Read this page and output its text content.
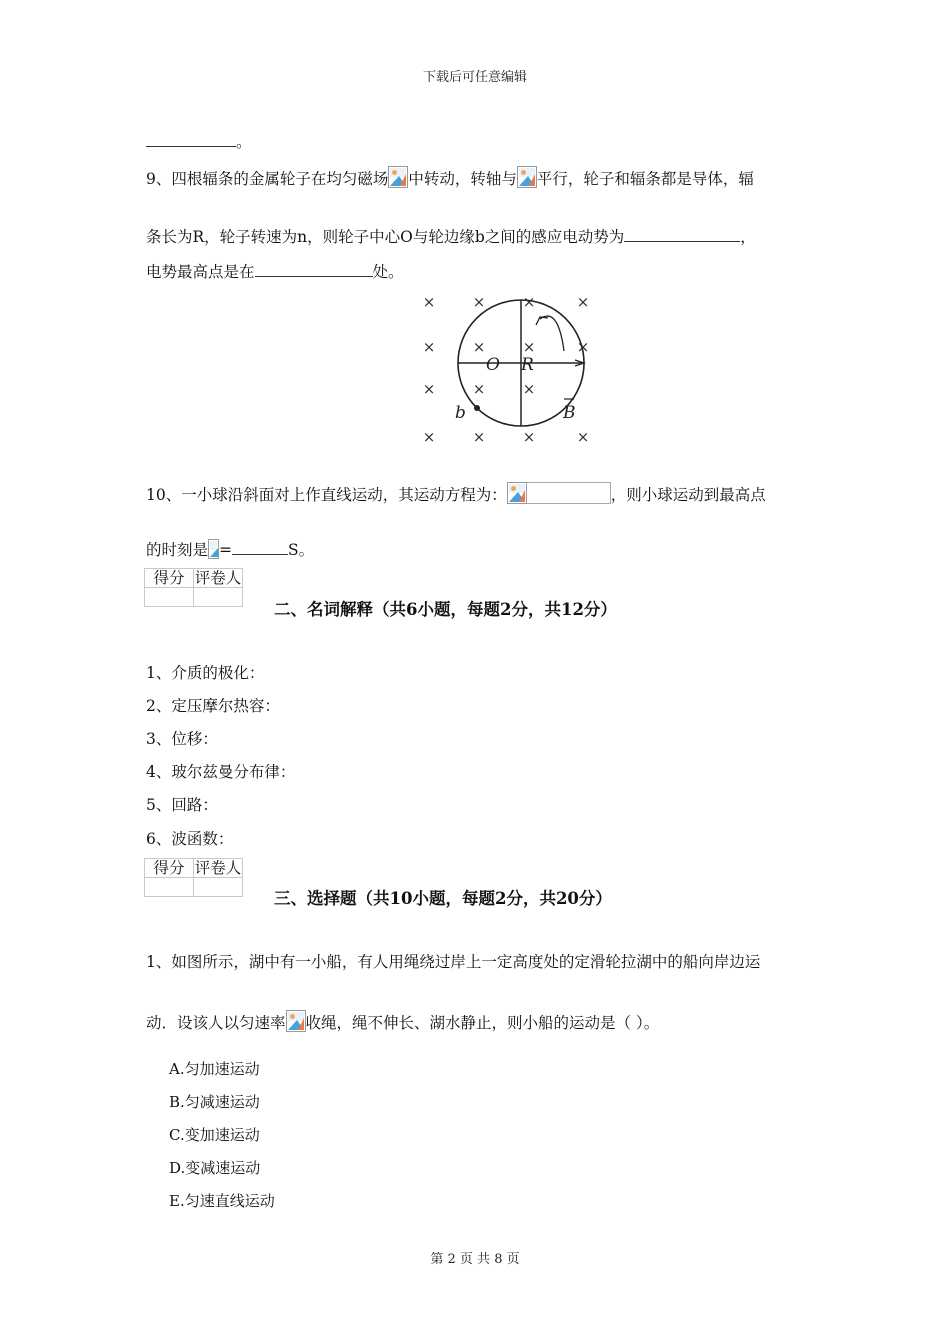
下载后可任意编辑
。
9、四根辐条的金属轮子在均匀磁场 中转动，转轴与 平行，轮子和辐条都是导体，辐
条长为R，轮子转速为n，则轮子中心O与轮边缘b之间的感应电动势为	，
电势最高点是在	处。
× × ×	×
× × ×	×
× × ×
× × ×	×
O R
b	B
10、一小球沿斜面对上作直线运动，其运动方程为：	，则小球运动到最高点
的时刻是 =	S。
得分	评卷人

二、名词解释（共6小题，每题2分，共12分）
1、介质的极化：
2、定压摩尔热容：
3、位移：
4、玻尔兹曼分布律：
5、回路：
6、波函数：
得分	评卷人

三、选择题（共10小题，每题2分，共20分）
1、如图所示，湖中有一小船，有人用绳绕过岸上一定高度处的定滑轮拉湖中的船向岸边运
动．设该人以匀速率 收绳，绳不伸长、湖水静止，则小船的运动是（ ）。
A.匀加速运动
B.匀减速运动
C.变加速运动
D.变减速运动
E.匀速直线运动
第 2 页 共 8 页
